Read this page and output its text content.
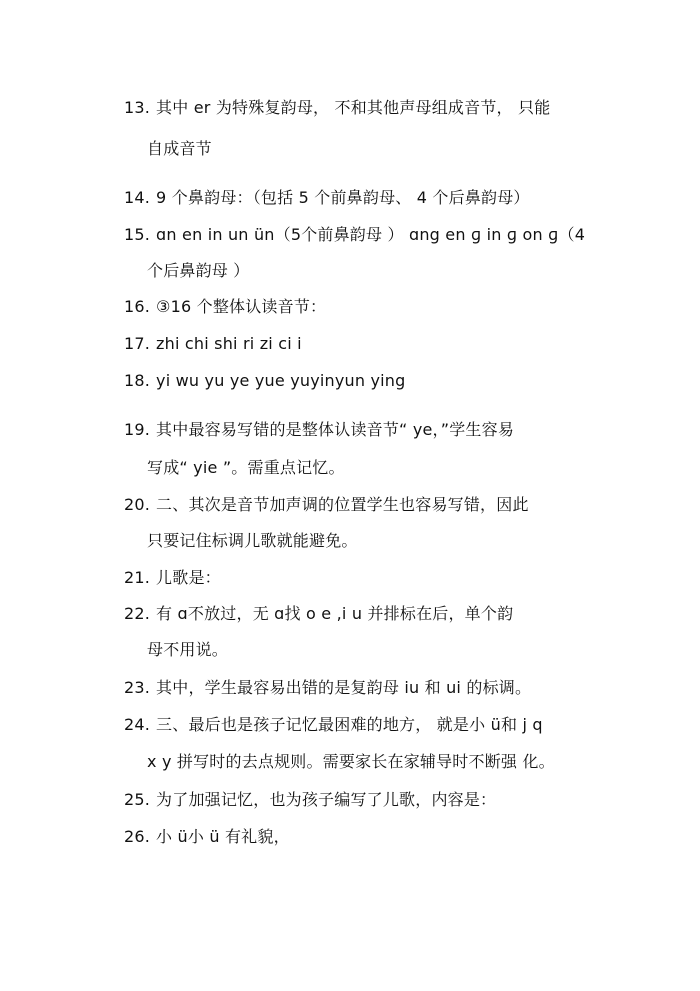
13. 其中 er 为特殊复韵母， 不和其他声母组成音节， 只能
自成音节
14. 9 个鼻韵母：（包括 5 个前鼻韵母、 4 个后鼻韵母）
15. ɑn en in un ün（5个前鼻韵母 ） ɑng en ɡ in ɡ on ɡ（4
个后鼻韵母 ）
16. ③16 个整体认读音节：
17. zhi chi shi ri zi ci i
18. yi wu yu ye yue yuyinyun ying
19. 其中最容易写错的是整体认读音节“ ye，”学生容易
写成“ yie ”。需重点记忆。
20. 二、其次是音节加声调的位置学生也容易写错，因此
只要记住标调儿歌就能避免。
21. 儿歌是：
22. 有 ɑ不放过，无 ɑ找 o e ,i u 并排标在后，单个韵
母不用说。
23. 其中，学生最容易出错的是复韵母 iu 和 ui 的标调。
24. 三、最后也是孩子记忆最困难的地方， 就是小 ü和 j q
x y 拼写时的去点规则。需要家长在家辅导时不断强 化。
25. 为了加强记忆，也为孩子编写了儿歌，内容是：
26. 小 ü小 ü 有礼貌，
